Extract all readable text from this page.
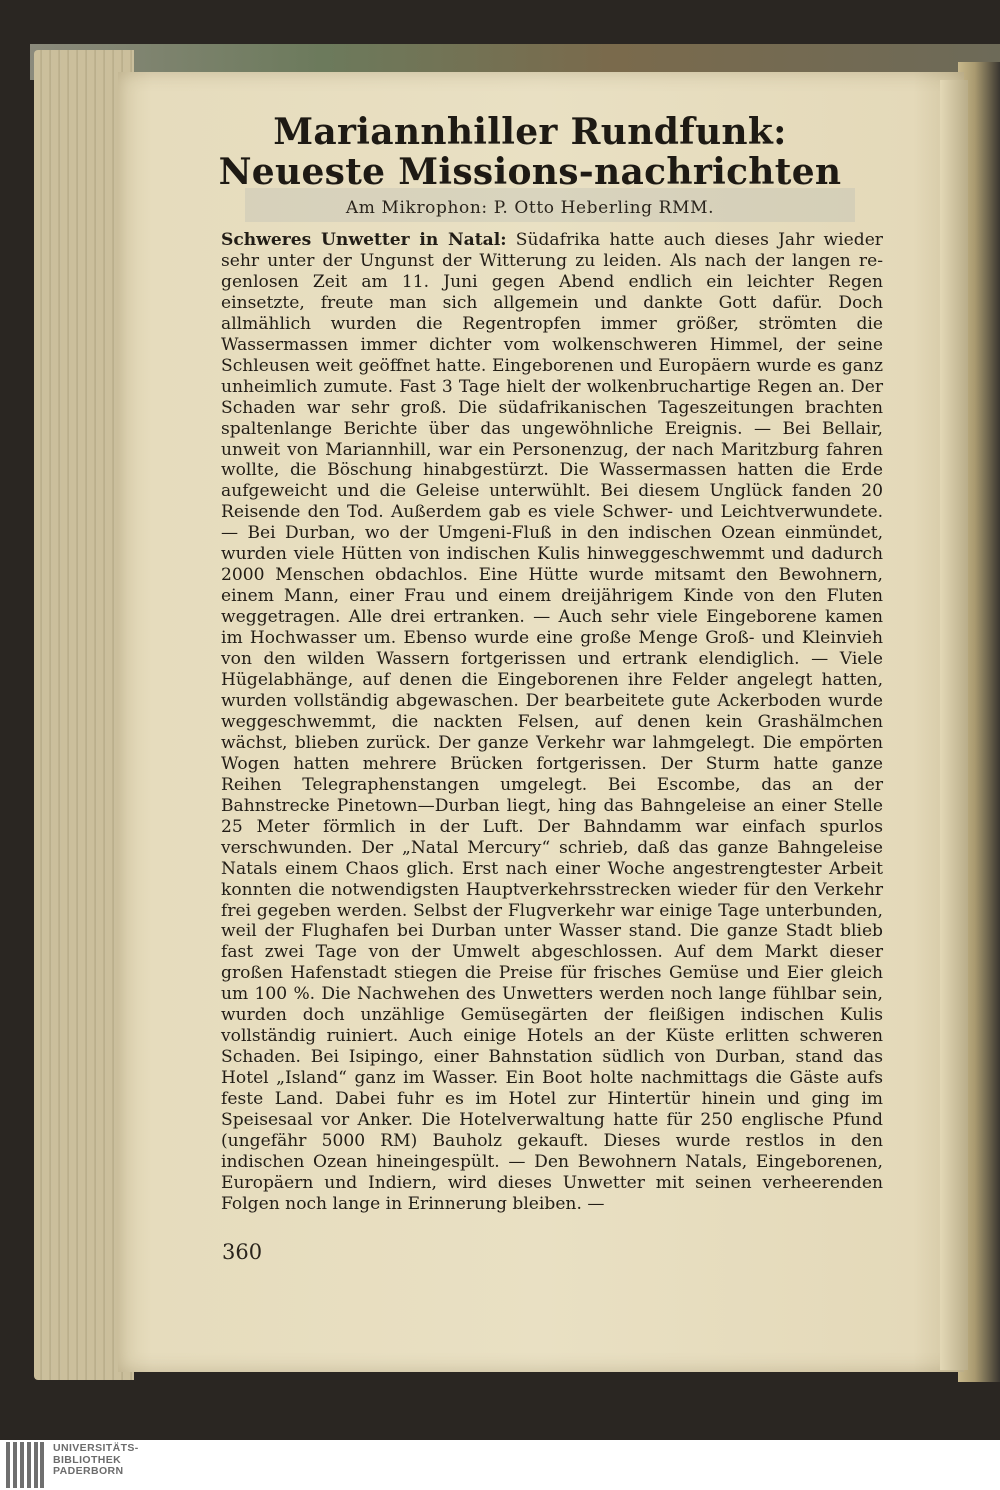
Mariannhiller Rundfunk: Neueste Missions-nachrichten
Am Mikrophon: P. Otto Heberling RMM.

Schweres Unwetter in Natal: Südafrika hatte auch dieses Jahr wieder sehr unter der Ungunst der Witterung zu leiden. Als nach der langen regenlosen Zeit am 11. Juni gegen Abend endlich ein leichter Regen einsetzte, freute man sich allgemein und dankte Gott dafür. Doch allmählich wurden die Regentropfen immer größer, strömten die Wassermassen immer dichter vom wolkenschweren Himmel, der seine Schleusen weit geöffnet hatte. Eingeborenen und Europäern wurde es ganz unheimlich zumute. Fast 3 Tage hielt der wolkenbruchartige Regen an. Der Schaden war sehr groß. Die südafrikanischen Tageszeitungen brachten spaltenlange Berichte über das ungewöhnliche Ereignis. — Bei Bellair, unweit von Mariannhill, war ein Personenzug, der nach Maritzburg fahren wollte, die Böschung hinabgestürzt. Die Wassermassen hatten die Erde aufgeweicht und die Geleise unterwühlt. Bei diesem Unglück fanden 20 Reisende den Tod. Außerdem gab es viele Schwer- und Leichtverwundete. — Bei Durban, wo der Umgeni-Fluß in den indischen Ozean einmündet, wurden viele Hütten von indischen Kulis hinweggeschwemmt und dadurch 2000 Menschen obdachlos. Eine Hütte wurde mitsamt den Bewohnern, einem Mann, einer Frau und einem dreijährigem Kinde von den Fluten weggetragen. Alle drei ertranken. — Auch sehr viele Eingeborene kamen im Hochwasser um. Ebenso wurde eine große Menge Groß- und Kleinvieh von den wilden Wassern fortgerissen und ertrank elendiglich. — Viele Hügelabhänge, auf denen die Eingeborenen ihre Felder angelegt hatten, wurden vollständig abgewaschen. Der bearbeitete gute Ackerboden wurde weggeschwemmt, die nackten Felsen, auf denen kein Grashälmchen wächst, blieben zurück. Der ganze Verkehr war lahmgelegt. Die empörten Wogen hatten mehrere Brücken fortgerissen. Der Sturm hatte ganze Reihen Telegraphenstangen umgelegt. Bei Escombe, das an der Bahnstrecke Pinetown—Durban liegt, hing das Bahngeleise an einer Stelle 25 Meter förmlich in der Luft. Der Bahndamm war einfach spurlos verschwunden. Der „Natal Mercury“ schrieb, daß das ganze Bahngeleise Natals einem Chaos glich. Erst nach einer Woche angestrengtester Arbeit konnten die notwendigsten Hauptverkehrsstrecken wieder für den Verkehr frei gegeben werden. Selbst der Flugverkehr war einige Tage unterbunden, weil der Flughafen bei Durban unter Wasser stand. Die ganze Stadt blieb fast zwei Tage von der Umwelt abgeschlossen. Auf dem Markt dieser großen Hafenstadt stiegen die Preise für frisches Gemüse und Eier gleich um 100 %. Die Nachwehen des Unwetters werden noch lange fühlbar sein, wurden doch unzählige Gemüsegärten der fleißigen indischen Kulis vollständig ruiniert. Auch einige Hotels an der Küste erlitten schweren Schaden. Bei Isipingo, einer Bahnstation südlich von Durban, stand das Hotel „Island“ ganz im Wasser. Ein Boot holte nachmittags die Gäste aufs feste Land. Dabei fuhr es im Hotel zur Hintertür hinein und ging im Speisesaal vor Anker. Die Hotelverwaltung hatte für 250 englische Pfund (ungefähr 5000 RM) Bauholz gekauft. Dieses wurde restlos in den indischen Ozean hineingespült. — Den Bewohnern Natals, Eingeborenen, Europäern und Indiern, wird dieses Unwetter mit seinen verheerenden Folgen noch lange in Erinnerung bleiben. —

360
UNIVERSITÄTS-
BIBLIOTHEK
PADERBORN
